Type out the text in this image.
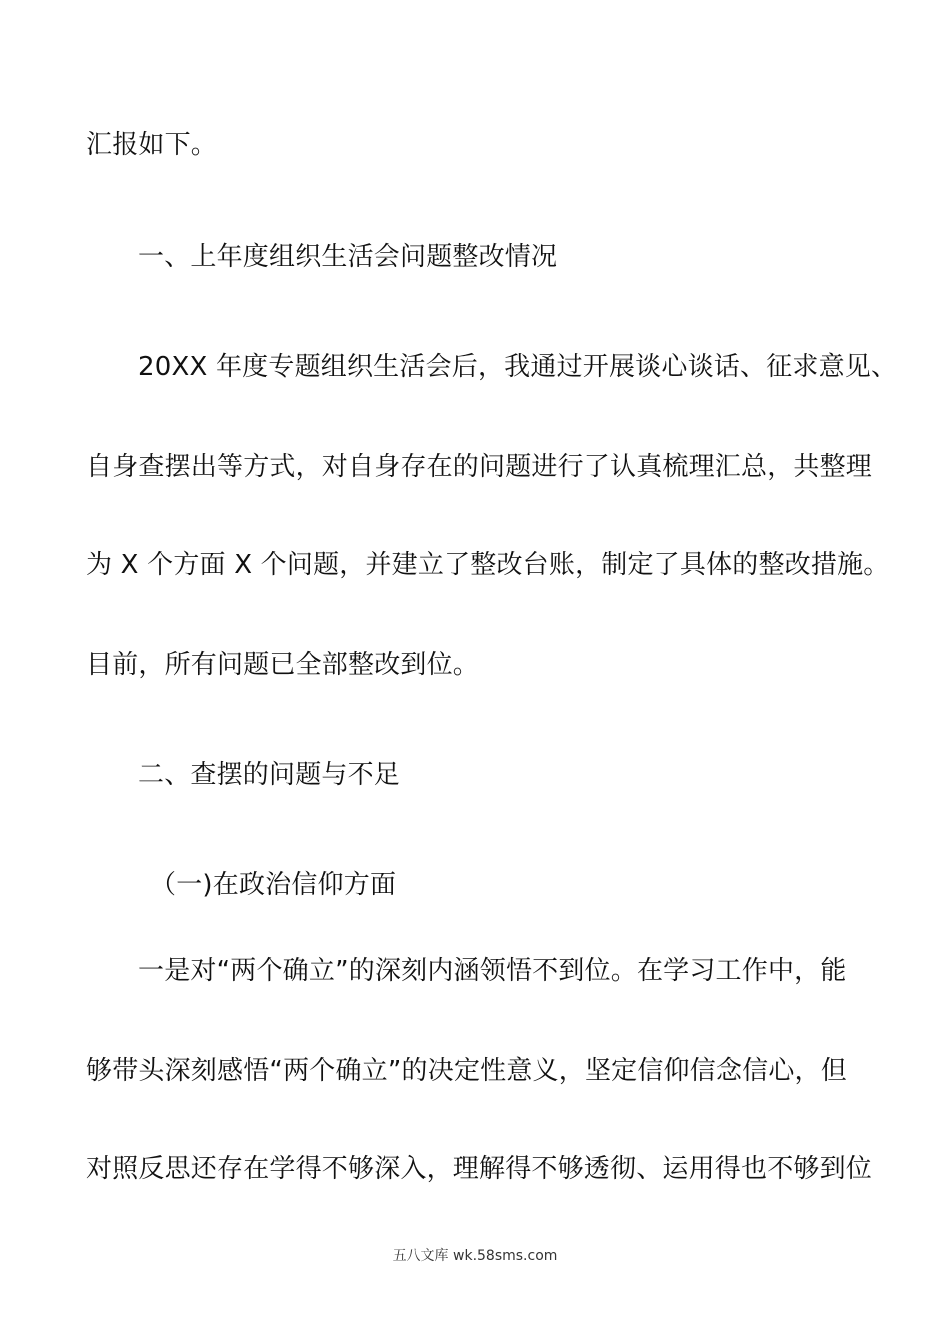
汇报如下。
一、上年度组织生活会问题整改情况
20XX 年度专题组织生活会后，我通过开展谈心谈话、征求意见、
自身查摆出等方式，对自身存在的问题进行了认真梳理汇总，共整理
为 X 个方面 X 个问题，并建立了整改台账，制定了具体的整改措施。
目前，所有问题已全部整改到位。
二、查摆的问题与不足
（一)在政治信仰方面
一是对“两个确立”的深刻内涵领悟不到位。在学习工作中，能
够带头深刻感悟“两个确立”的决定性意义，坚定信仰信念信心，但
对照反思还存在学得不够深入，理解得不够透彻、运用得也不够到位
五八文库 wk.58sms.com
